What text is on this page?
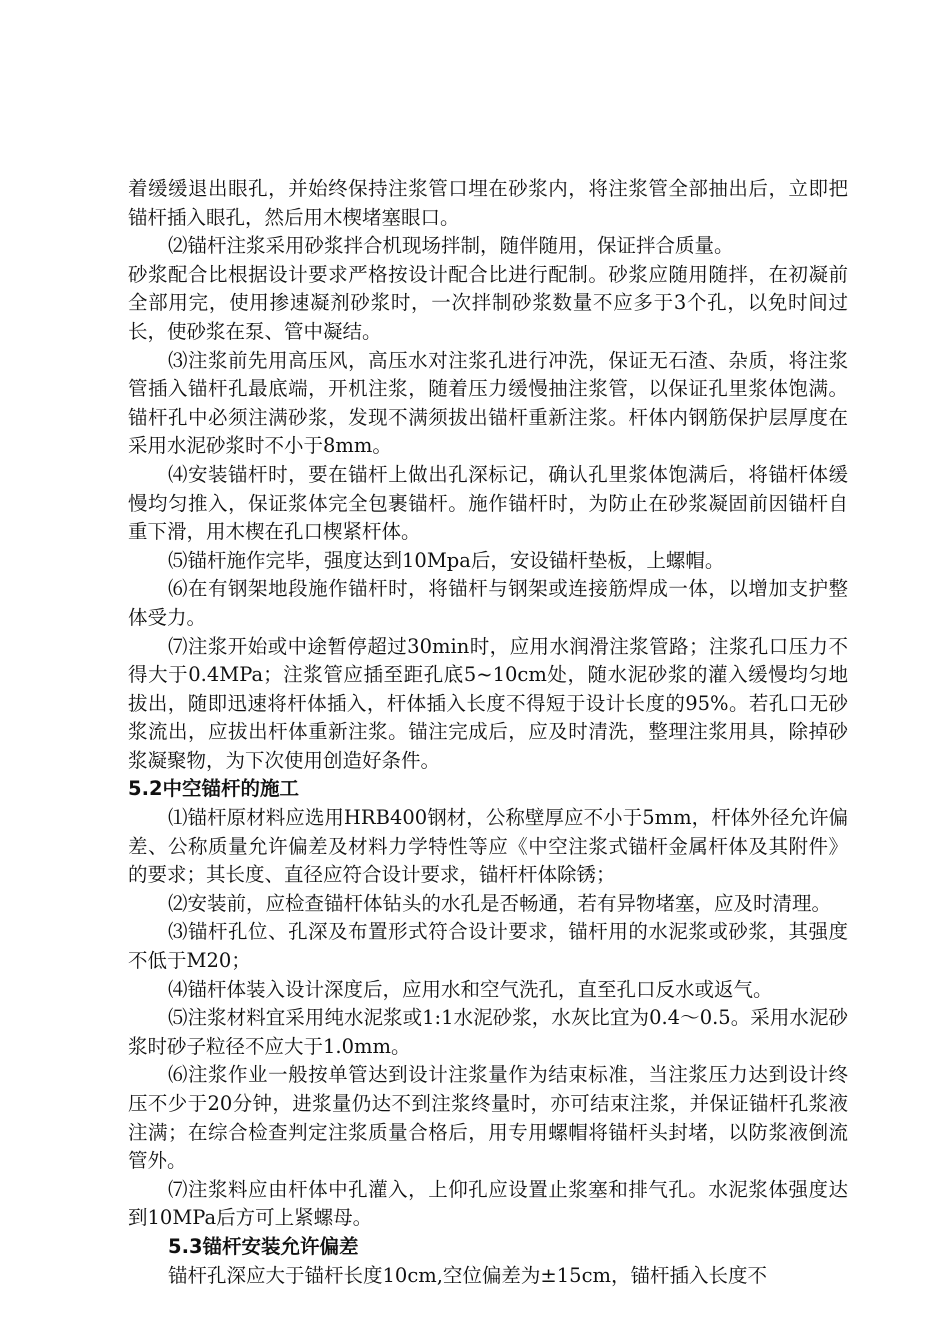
着缓缓退出眼孔，并始终保持注浆管口埋在砂浆内，将注浆管全部抽出后，立即把锚杆插入眼孔，然后用木楔堵塞眼口。

⑵锚杆注浆采用砂浆拌合机现场拌制，随伴随用，保证拌合质量。

砂浆配合比根据设计要求严格按设计配合比进行配制。砂浆应随用随拌，在初凝前全部用完，使用掺速凝剂砂浆时，一次拌制砂浆数量不应多于3个孔，以免时间过长，使砂浆在泵、管中凝结。

⑶注浆前先用高压风，高压水对注浆孔进行冲洗，保证无石渣、杂质，将注浆管插入锚杆孔最底端，开机注浆，随着压力缓慢抽注浆管，以保证孔里浆体饱满。锚杆孔中必须注满砂浆，发现不满须拔出锚杆重新注浆。杆体内钢筋保护层厚度在采用水泥砂浆时不小于8mm。

⑷安装锚杆时，要在锚杆上做出孔深标记，确认孔里浆体饱满后，将锚杆体缓慢均匀推入，保证浆体完全包裹锚杆。施作锚杆时，为防止在砂浆凝固前因锚杆自重下滑，用木楔在孔口楔紧杆体。

⑸锚杆施作完毕，强度达到10Mpa后，安设锚杆垫板，上螺帽。

⑹在有钢架地段施作锚杆时，将锚杆与钢架或连接筋焊成一体，以增加支护整体受力。

⑺注浆开始或中途暂停超过30min时，应用水润滑注浆管路；注浆孔口压力不得大于0.4MPa；注浆管应插至距孔底5~10cm处，随水泥砂浆的灌入缓慢均匀地拔出，随即迅速将杆体插入，杆体插入长度不得短于设计长度的95%。若孔口无砂浆流出，应拔出杆体重新注浆。锚注完成后，应及时清洗，整理注浆用具，除掉砂浆凝聚物，为下次使用创造好条件。

5.2中空锚杆的施工

⑴锚杆原材料应选用HRB400钢材，公称壁厚应不小于5mm，杆体外径允许偏差、公称质量允许偏差及材料力学特性等应《中空注浆式锚杆金属杆体及其附件》的要求；其长度、直径应符合设计要求，锚杆杆体除锈；

⑵安装前，应检查锚杆体钻头的水孔是否畅通，若有异物堵塞，应及时清理。

⑶锚杆孔位、孔深及布置形式符合设计要求，锚杆用的水泥浆或砂浆，其强度不低于M20；

⑷锚杆体装入设计深度后，应用水和空气洗孔，直至孔口反水或返气。

⑸注浆材料宜采用纯水泥浆或1:1水泥砂浆，水灰比宜为0.4～0.5。采用水泥砂浆时砂子粒径不应大于1.0mm。

⑹注浆作业一般按单管达到设计注浆量作为结束标准，当注浆压力达到设计终压不少于20分钟，进浆量仍达不到注浆终量时，亦可结束注浆，并保证锚杆孔浆液注满；在综合检查判定注浆质量合格后，用专用螺帽将锚杆头封堵，以防浆液倒流管外。

⑺注浆料应由杆体中孔灌入，上仰孔应设置止浆塞和排气孔。水泥浆体强度达到10MPa后方可上紧螺母。

5.3锚杆安装允许偏差

锚杆孔深应大于锚杆长度10cm,空位偏差为±15cm，锚杆插入长度不
